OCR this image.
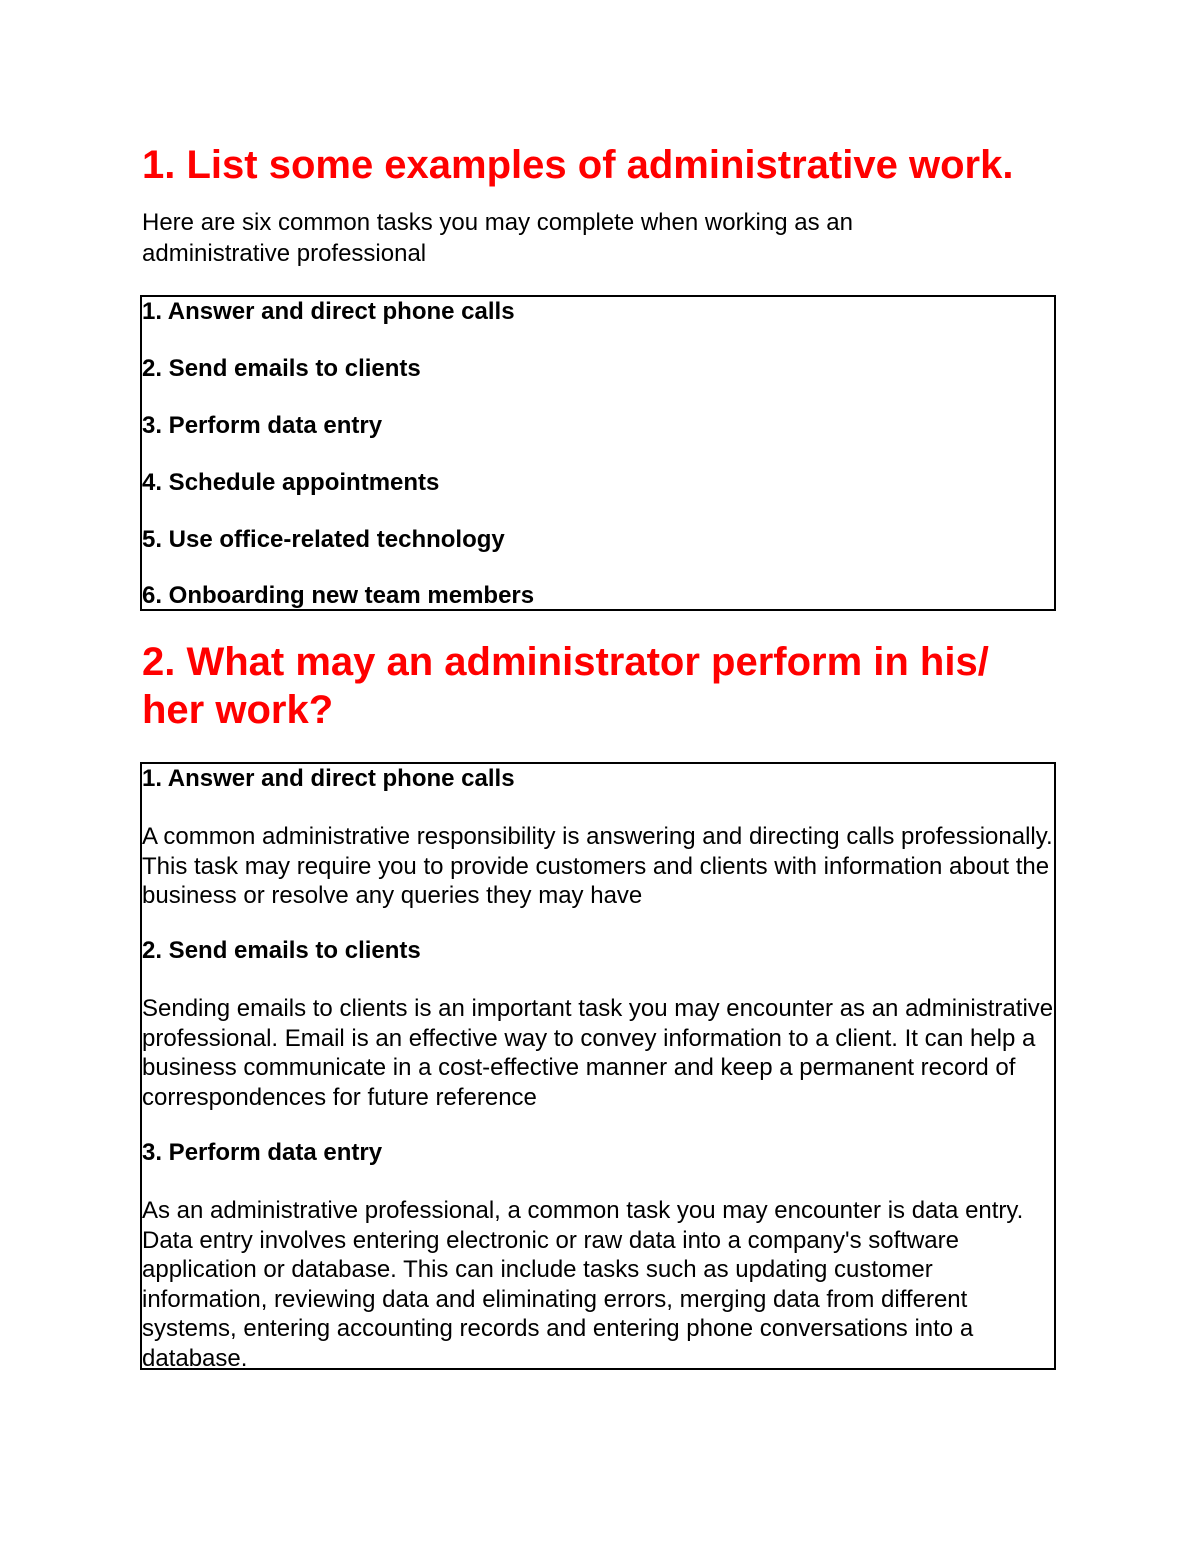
1. List some examples of administrative work.

Here are six common tasks you may complete when working as an administrative professional

1. Answer and direct phone calls

2. Send emails to clients

3. Perform data entry

4. Schedule appointments

5. Use office-related technology

6. Onboarding new team members

2. What may an administrator perform in his/ her work?

1. Answer and direct phone calls

A common administrative responsibility is answering and directing calls professionally. This task may require you to provide customers and clients with information about the business or resolve any queries they may have

2. Send emails to clients

Sending emails to clients is an important task you may encounter as an administrative professional. Email is an effective way to convey information to a client. It can help a business communicate in a cost-effective manner and keep a permanent record of correspondences for future reference

3. Perform data entry

As an administrative professional, a common task you may encounter is data entry. Data entry involves entering electronic or raw data into a company's software application or database. This can include tasks such as updating customer information, reviewing data and eliminating errors, merging data from different systems, entering accounting records and entering phone conversations into a database.
